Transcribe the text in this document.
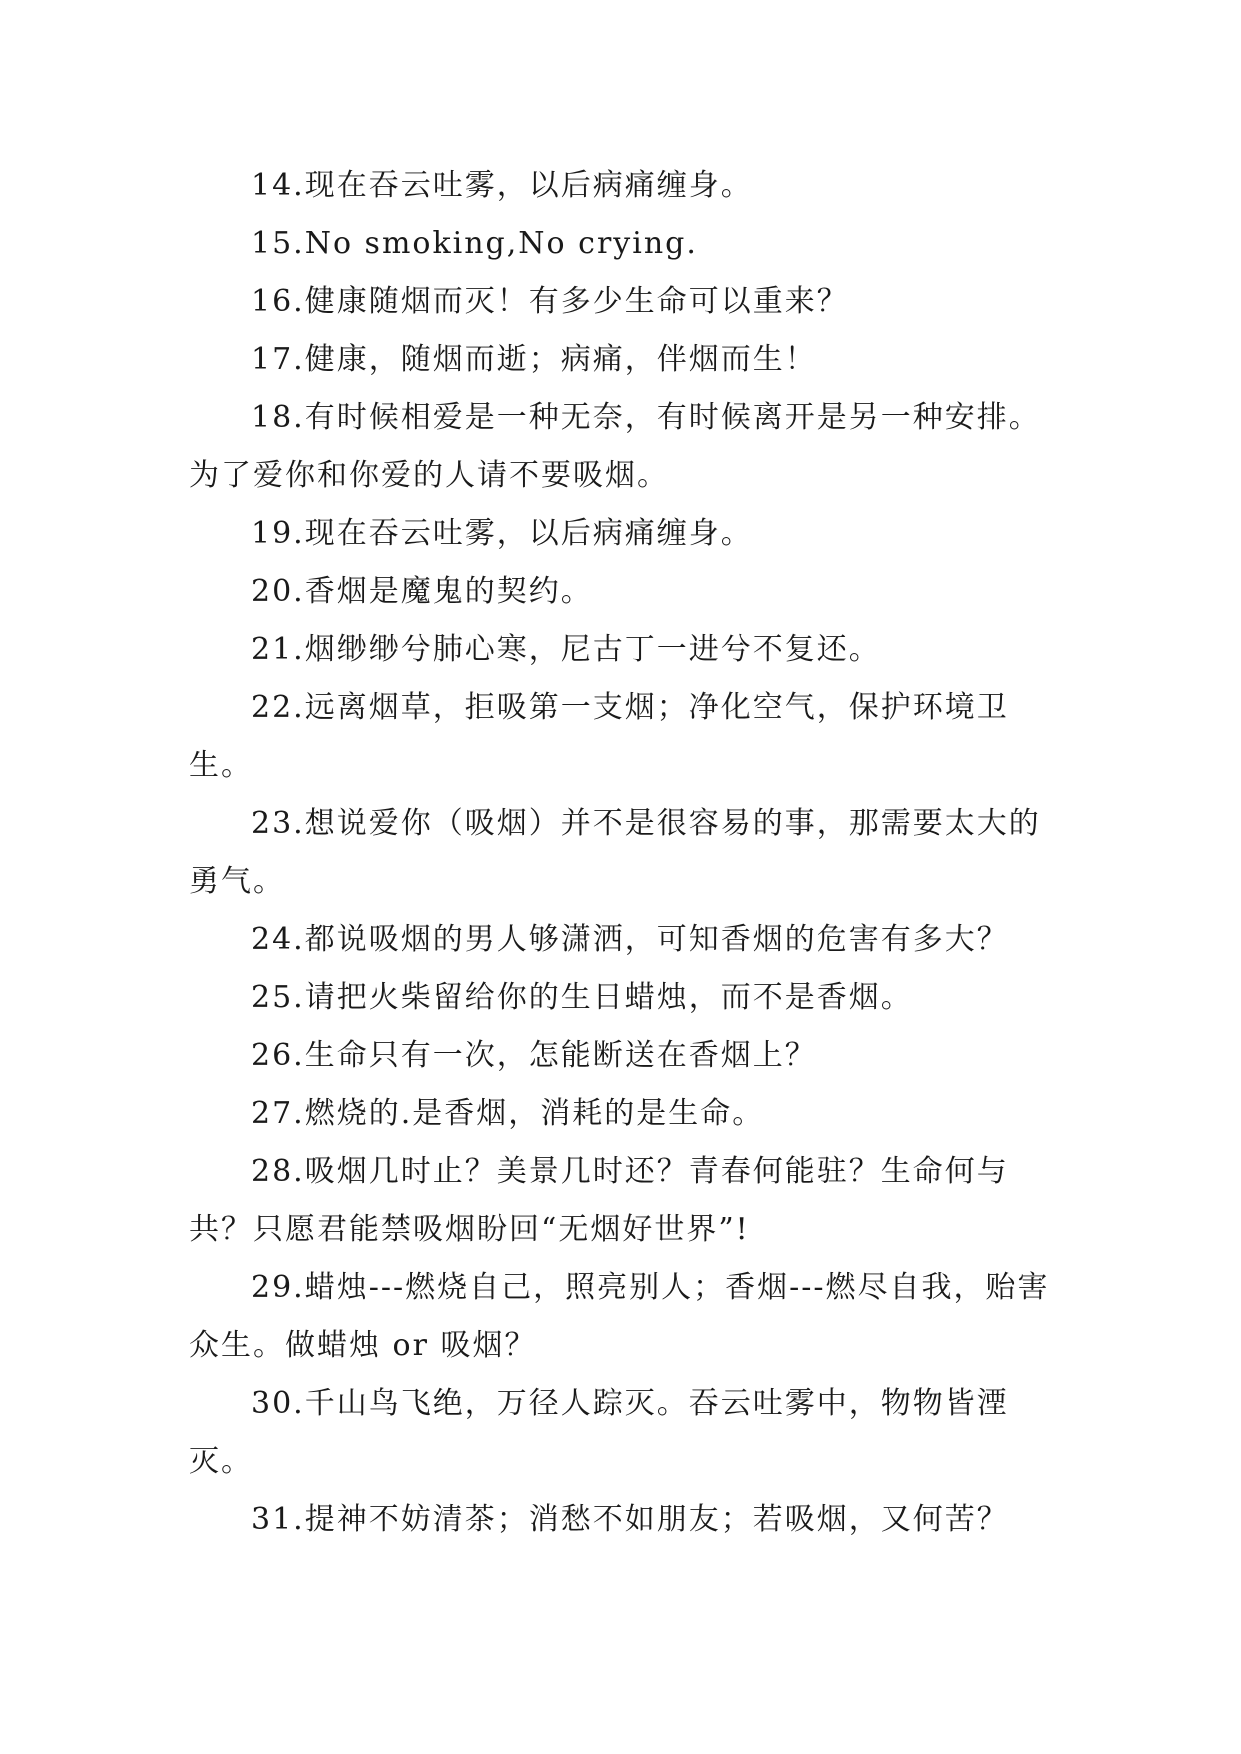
14.现在吞云吐雾，以后病痛缠身。

15.No smoking,No crying.

16.健康随烟而灭！有多少生命可以重来？

17.健康，随烟而逝；病痛，伴烟而生！

18.有时候相爱是一种无奈，有时候离开是另一种安排。为了爱你和你爱的人请不要吸烟。

19.现在吞云吐雾，以后病痛缠身。

20.香烟是魔鬼的契约。

21.烟缈缈兮肺心寒，尼古丁一进兮不复还。

22.远离烟草，拒吸第一支烟；净化空气，保护环境卫生。

23.想说爱你（吸烟）并不是很容易的事，那需要太大的勇气。

24.都说吸烟的男人够潇洒，可知香烟的危害有多大？

25.请把火柴留给你的生日蜡烛，而不是香烟。

26.生命只有一次，怎能断送在香烟上？

27.燃烧的.是香烟，消耗的是生命。

28.吸烟几时止？美景几时还？青春何能驻？生命何与共？只愿君能禁吸烟盼回“无烟好世界”!

29.蜡烛---燃烧自己，照亮别人；香烟---燃尽自我，贻害众生。做蜡烛 or 吸烟？

30.千山鸟飞绝，万径人踪灭。吞云吐雾中，物物皆湮灭。

31.提神不妨清茶；消愁不如朋友；若吸烟，又何苦？
